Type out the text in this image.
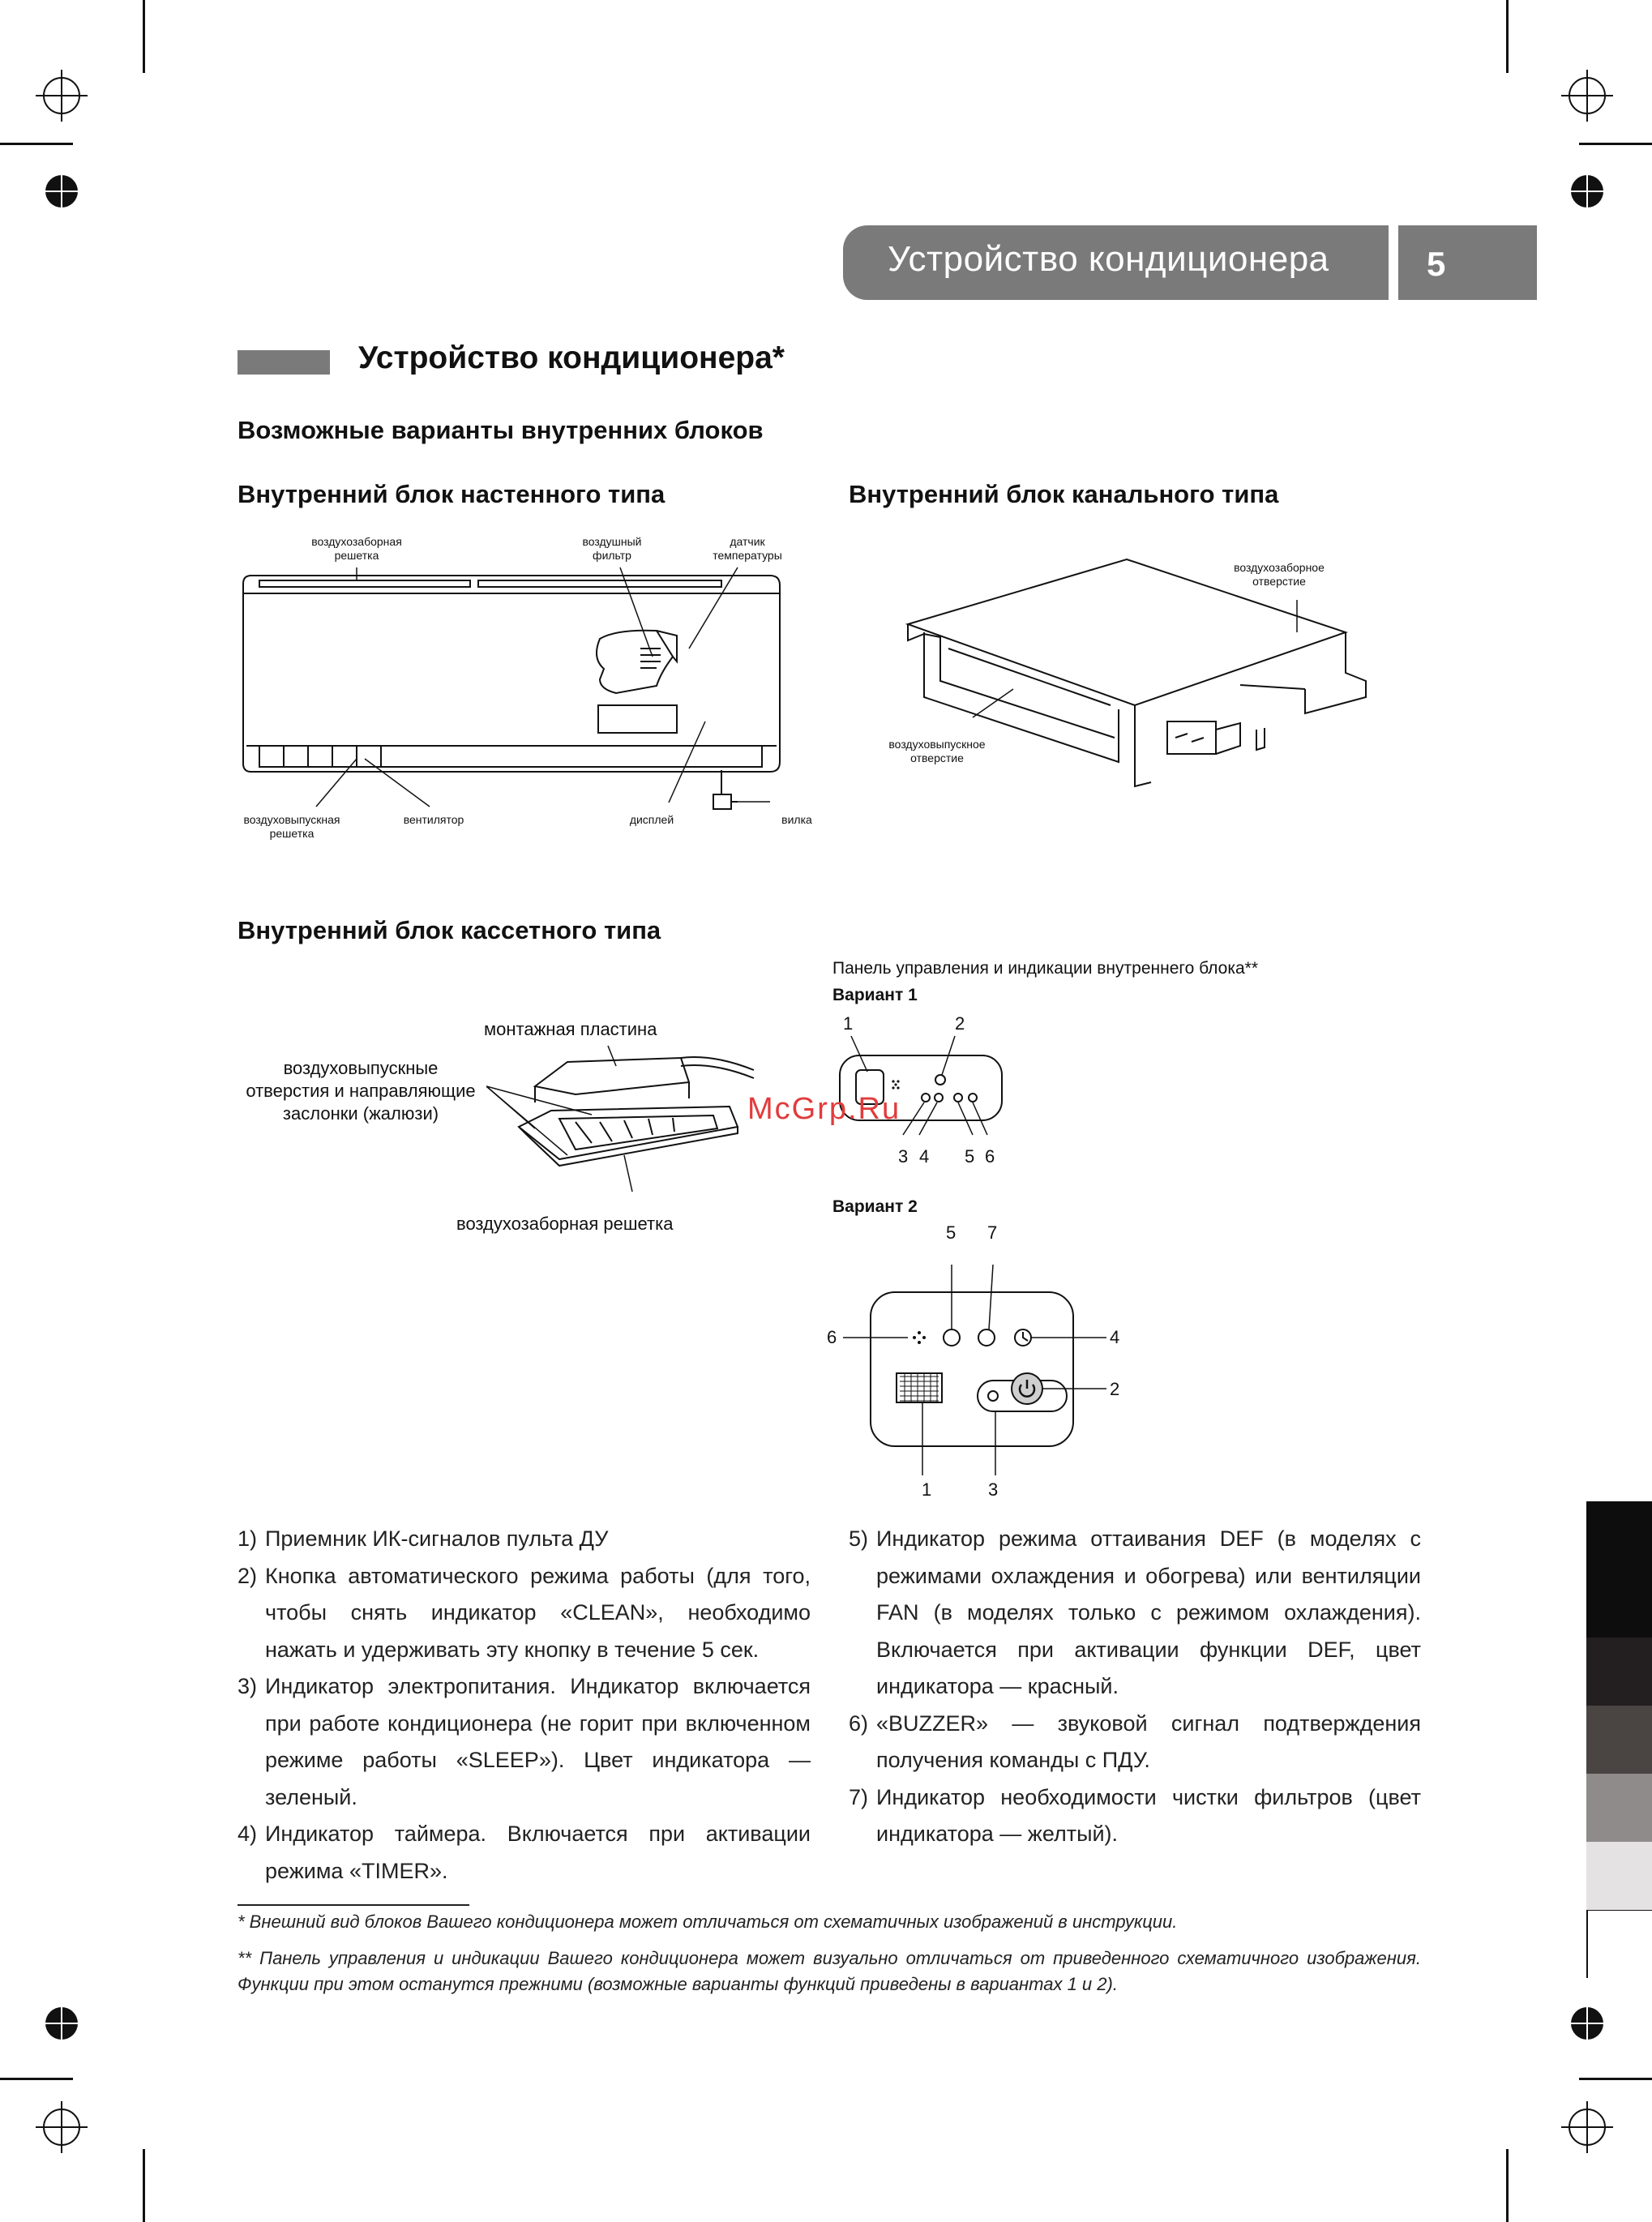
Устройство кондиционера	5
Устройство кондиционера*
Возможные варианты внутренних блоков
Внутренний блок настенного типа
воздухозаборная
решетка
воздушный
фильтр
датчик
температуры
воздуховыпускная
решетка
вентилятор	дисплей	вилка
Внутренний блок канального типа
воздухозаборное
отверстие
воздуховыпускное
отверстие
Внутренний блок кассетного типа
монтажная пластина
воздуховыпускные
отверстия и направляющие
заслонки (жалюзи)
воздухозаборная решетка
Панель управления и индикации внутреннего блока**
Вариант 1
1	2
3 4 5 6
McGrp.Ru
Вариант 2
5 7
6	4
2
1	3
1) Приемник ИК-сигналов пульта ДУ
2) Кнопка автоматического режима работы (для того, чтобы снять индикатор «CLEAN», необходимо нажать и удерживать эту кнопку в течение 5 сек.
3) Индикатор электропитания. Индикатор включается при работе кондиционера (не горит при включенном режиме работы «SLEEP»). Цвет индикатора — зеленый.
4) Индикатор таймера. Включается при активации режима «TIMER».
5) Индикатор режима оттаивания DEF (в моделях с режимами охлаждения и обогрева) или вентиляции FAN (в моделях только с режимом охлаждения). Включается при активации функции DEF, цвет индикатора — красный.
6) «BUZZER» — звуковой сигнал подтверждения получения команды с ПДУ.
7) Индикатор необходимости чистки фильтров (цвет индикатора — желтый).
* Внешний вид блоков Вашего кондиционера может отличаться от схематичных изображений в инструкции.
** Панель управления и индикации Вашего кондиционера может визуально отличаться от приведенного схематичного изображения. Функции при этом останутся прежними (возможные варианты функций приведены в вариантах 1 и 2).
